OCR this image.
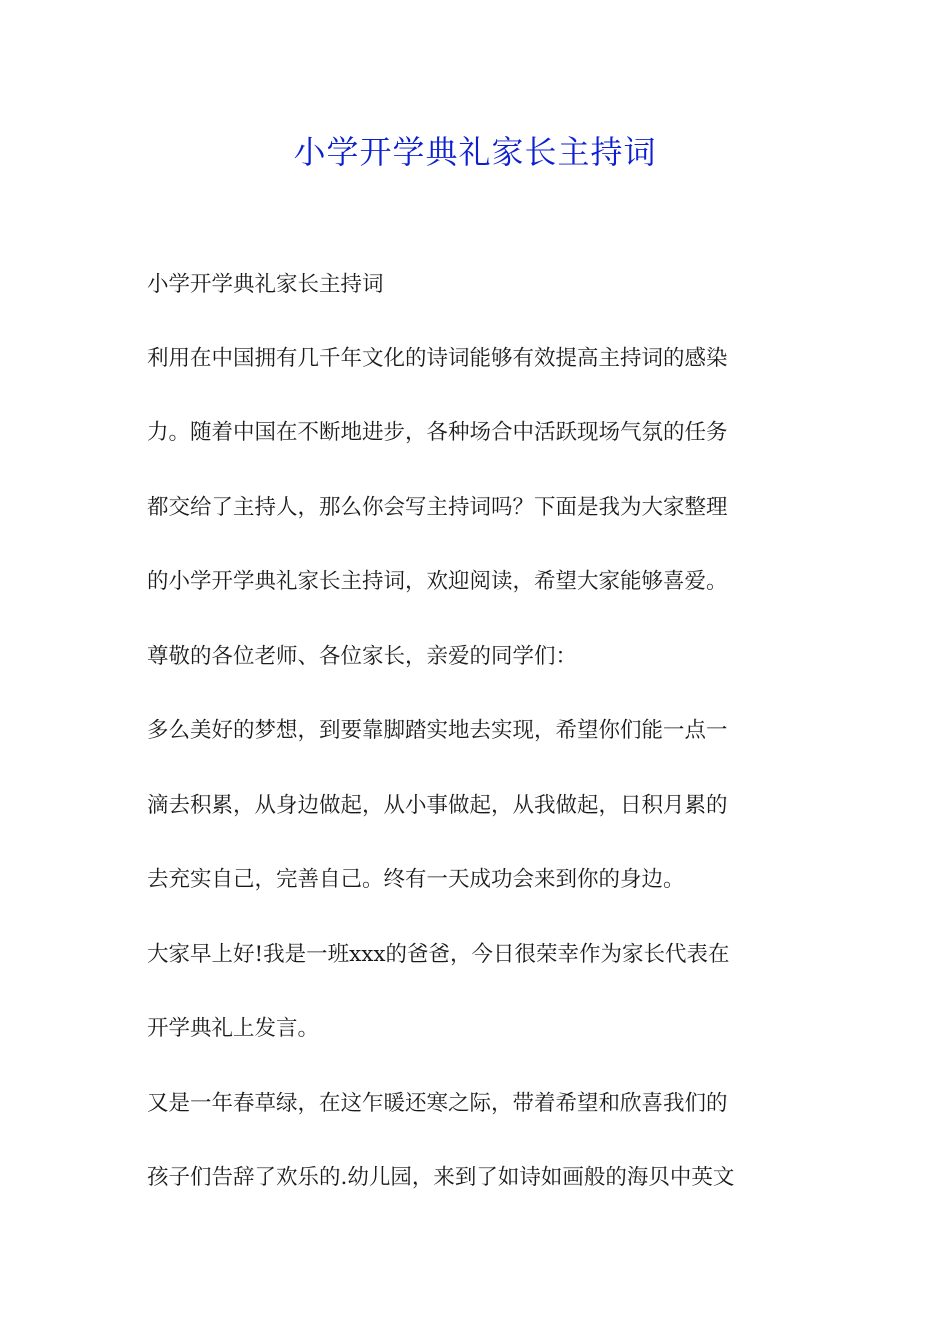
小学开学典礼家长主持词
小学开学典礼家长主持词
利用在中国拥有几千年文化的诗词能够有效提高主持词的感染
力。随着中国在不断地进步，各种场合中活跃现场气氛的任务
都交给了主持人，那么你会写主持词吗？下面是我为大家整理
的小学开学典礼家长主持词，欢迎阅读，希望大家能够喜爱。
尊敬的各位老师、各位家长，亲爱的同学们：
多么美好的梦想，到要靠脚踏实地去实现，希望你们能一点一
滴去积累，从身边做起，从小事做起，从我做起，日积月累的
去充实自己，完善自己。终有一天成功会来到你的身边。
大家早上好!我是一班xxx的爸爸，今日很荣幸作为家长代表在
开学典礼上发言。
又是一年春草绿，在这乍暖还寒之际，带着希望和欣喜我们的
孩子们告辞了欢乐的.幼儿园，来到了如诗如画般的海贝中英文
